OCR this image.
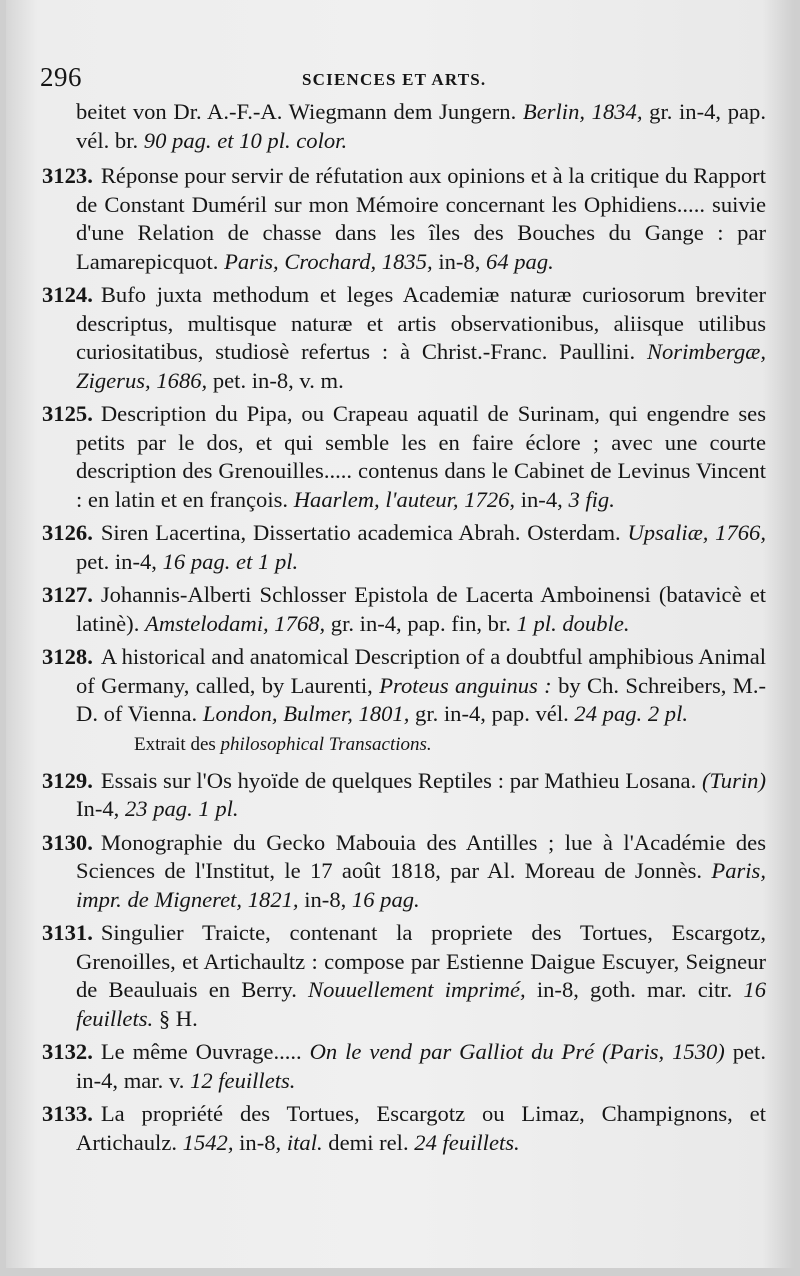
296	SCIENCES ET ARTS.

beitet von Dr. A.-F.-A. Wiegmann dem Jungern. Berlin, 1834, gr. in-4, pap. vél. br. 90 pag. et 10 pl. color.

3123. Réponse pour servir de réfutation aux opinions et à la critique du Rapport de Constant Duméril sur mon Mémoire concernant les Ophidiens..... suivie d'une Relation de chasse dans les îles des Bouches du Gange : par Lamarepicquot. Paris, Crochard, 1835, in-8, 64 pag.

3124. Bufo juxta methodum et leges Academiæ naturæ curiosorum breviter descriptus, multisque naturæ et artis observationibus, aliisque utilibus curiositatibus, studiosè refertus : à Christ.-Franc. Paullini. Norimbergæ, Zigerus, 1686, pet. in-8, v. m.

3125. Description du Pipa, ou Crapeau aquatil de Surinam, qui engendre ses petits par le dos, et qui semble les en faire éclore ; avec une courte description des Grenouilles..... contenus dans le Cabinet de Levinus Vincent : en latin et en françois. Haarlem, l'auteur, 1726, in-4, 3 fig.

3126. Siren Lacertina, Dissertatio academica Abrah. Osterdam. Upsaliæ, 1766, pet. in-4, 16 pag. et 1 pl.

3127. Johannis-Alberti Schlosser Epistola de Lacerta Amboinensi (batavicè et latinè). Amstelodami, 1768, gr. in-4, pap. fin, br. 1 pl. double.

3128. A historical and anatomical Description of a doubtful amphibious Animal of Germany, called, by Laurenti, Proteus anguinus : by Ch. Schreibers, M.-D. of Vienna. London, Bulmer, 1801, gr. in-4, pap. vél. 24 pag. 2 pl.

Extrait des philosophical Transactions.

3129. Essais sur l'Os hyoïde de quelques Reptiles : par Mathieu Losana. (Turin) In-4, 23 pag. 1 pl.

3130. Monographie du Gecko Mabouia des Antilles ; lue à l'Académie des Sciences de l'Institut, le 17 août 1818, par Al. Moreau de Jonnès. Paris, impr. de Migneret, 1821, in-8, 16 pag.

3131. Singulier Traicte, contenant la propriete des Tortues, Escargotz, Grenoilles, et Artichaultz : compose par Estienne Daigue Escuyer, Seigneur de Beauluais en Berry. Nouuellement imprimé, in-8, goth. mar. citr. 16 feuillets. § H.

3132. Le même Ouvrage..... On le vend par Galliot du Pré (Paris, 1530) pet. in-4, mar. v. 12 feuillets.

3133. La propriété des Tortues, Escargotz ou Limaz, Champignons, et Artichaulz. 1542, in-8, ital. demi rel. 24 feuillets.
